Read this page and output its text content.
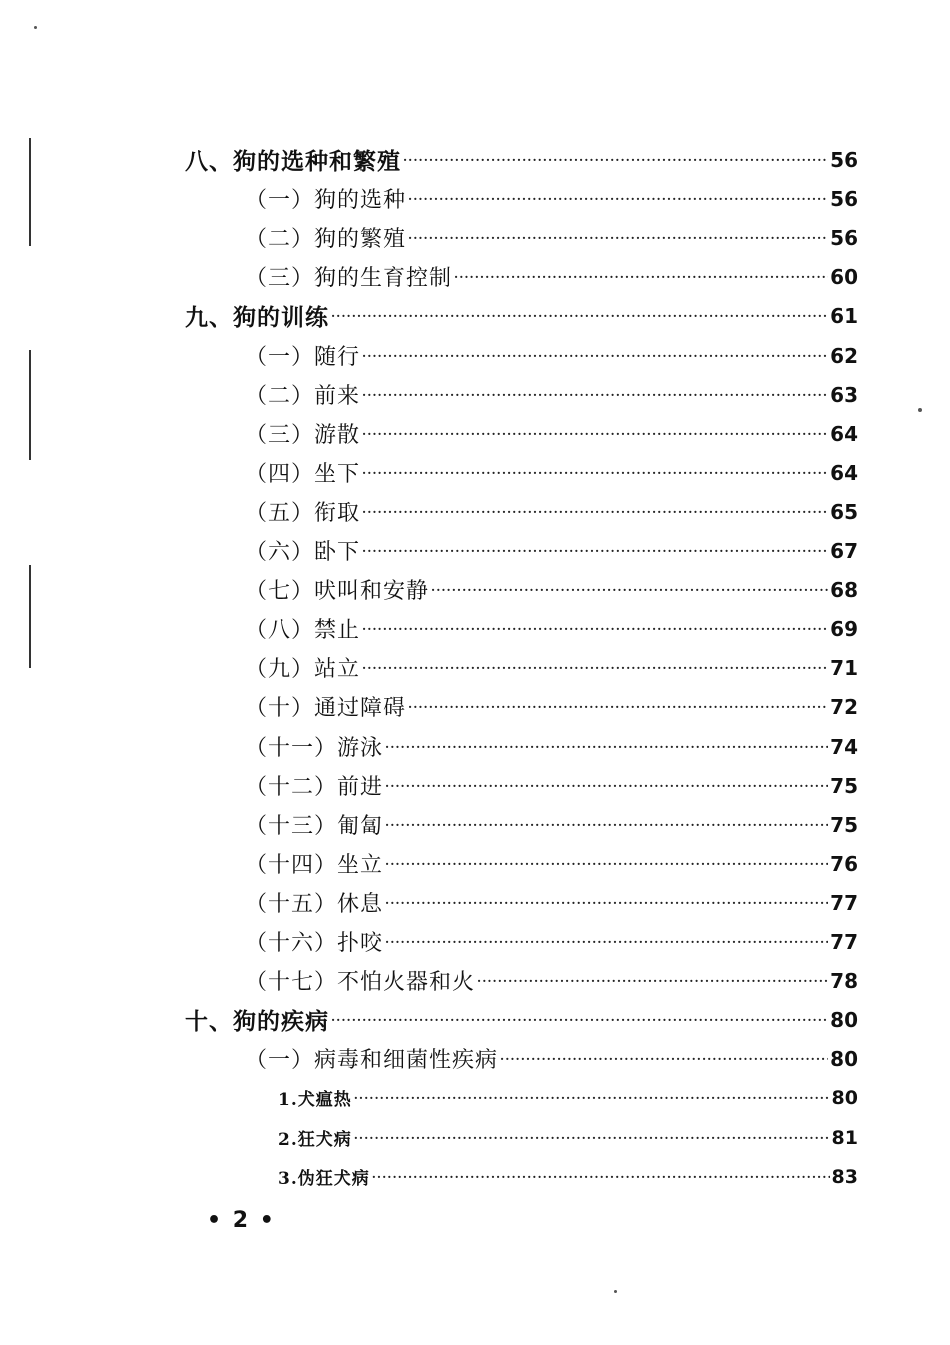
八、狗的选种和繁殖 ·····	56
（一）狗的选种 ·····	56
（二）狗的繁殖 ·····	56
（三）狗的生育控制 ·····	60
九、狗的训练 ·····	61
（一）随行 ·····	62
（二）前来 ·····	63
（三）游散 ·····	64
（四）坐下 ·····	64
（五）衔取 ·····	65
（六）卧下 ·····	67
（七）吠叫和安静 ·····	68
（八）禁止 ·····	69
（九）站立 ·····	71
（十）通过障碍 ·····	72
（十一）游泳 ·····	74
（十二）前进 ·····	75
（十三）匍匐 ·····	75
（十四）坐立 ·····	76
（十五）休息 ·····	77
（十六）扑咬 ·····	77
（十七）不怕火器和火 ·····	78
十、狗的疾病 ·····	80
（一）病毒和细菌性疾病 ·····	80
1.犬瘟热 ·····	80
2.狂犬病 ·····	81
3.伪狂犬病 ·····	83
• 2 •
